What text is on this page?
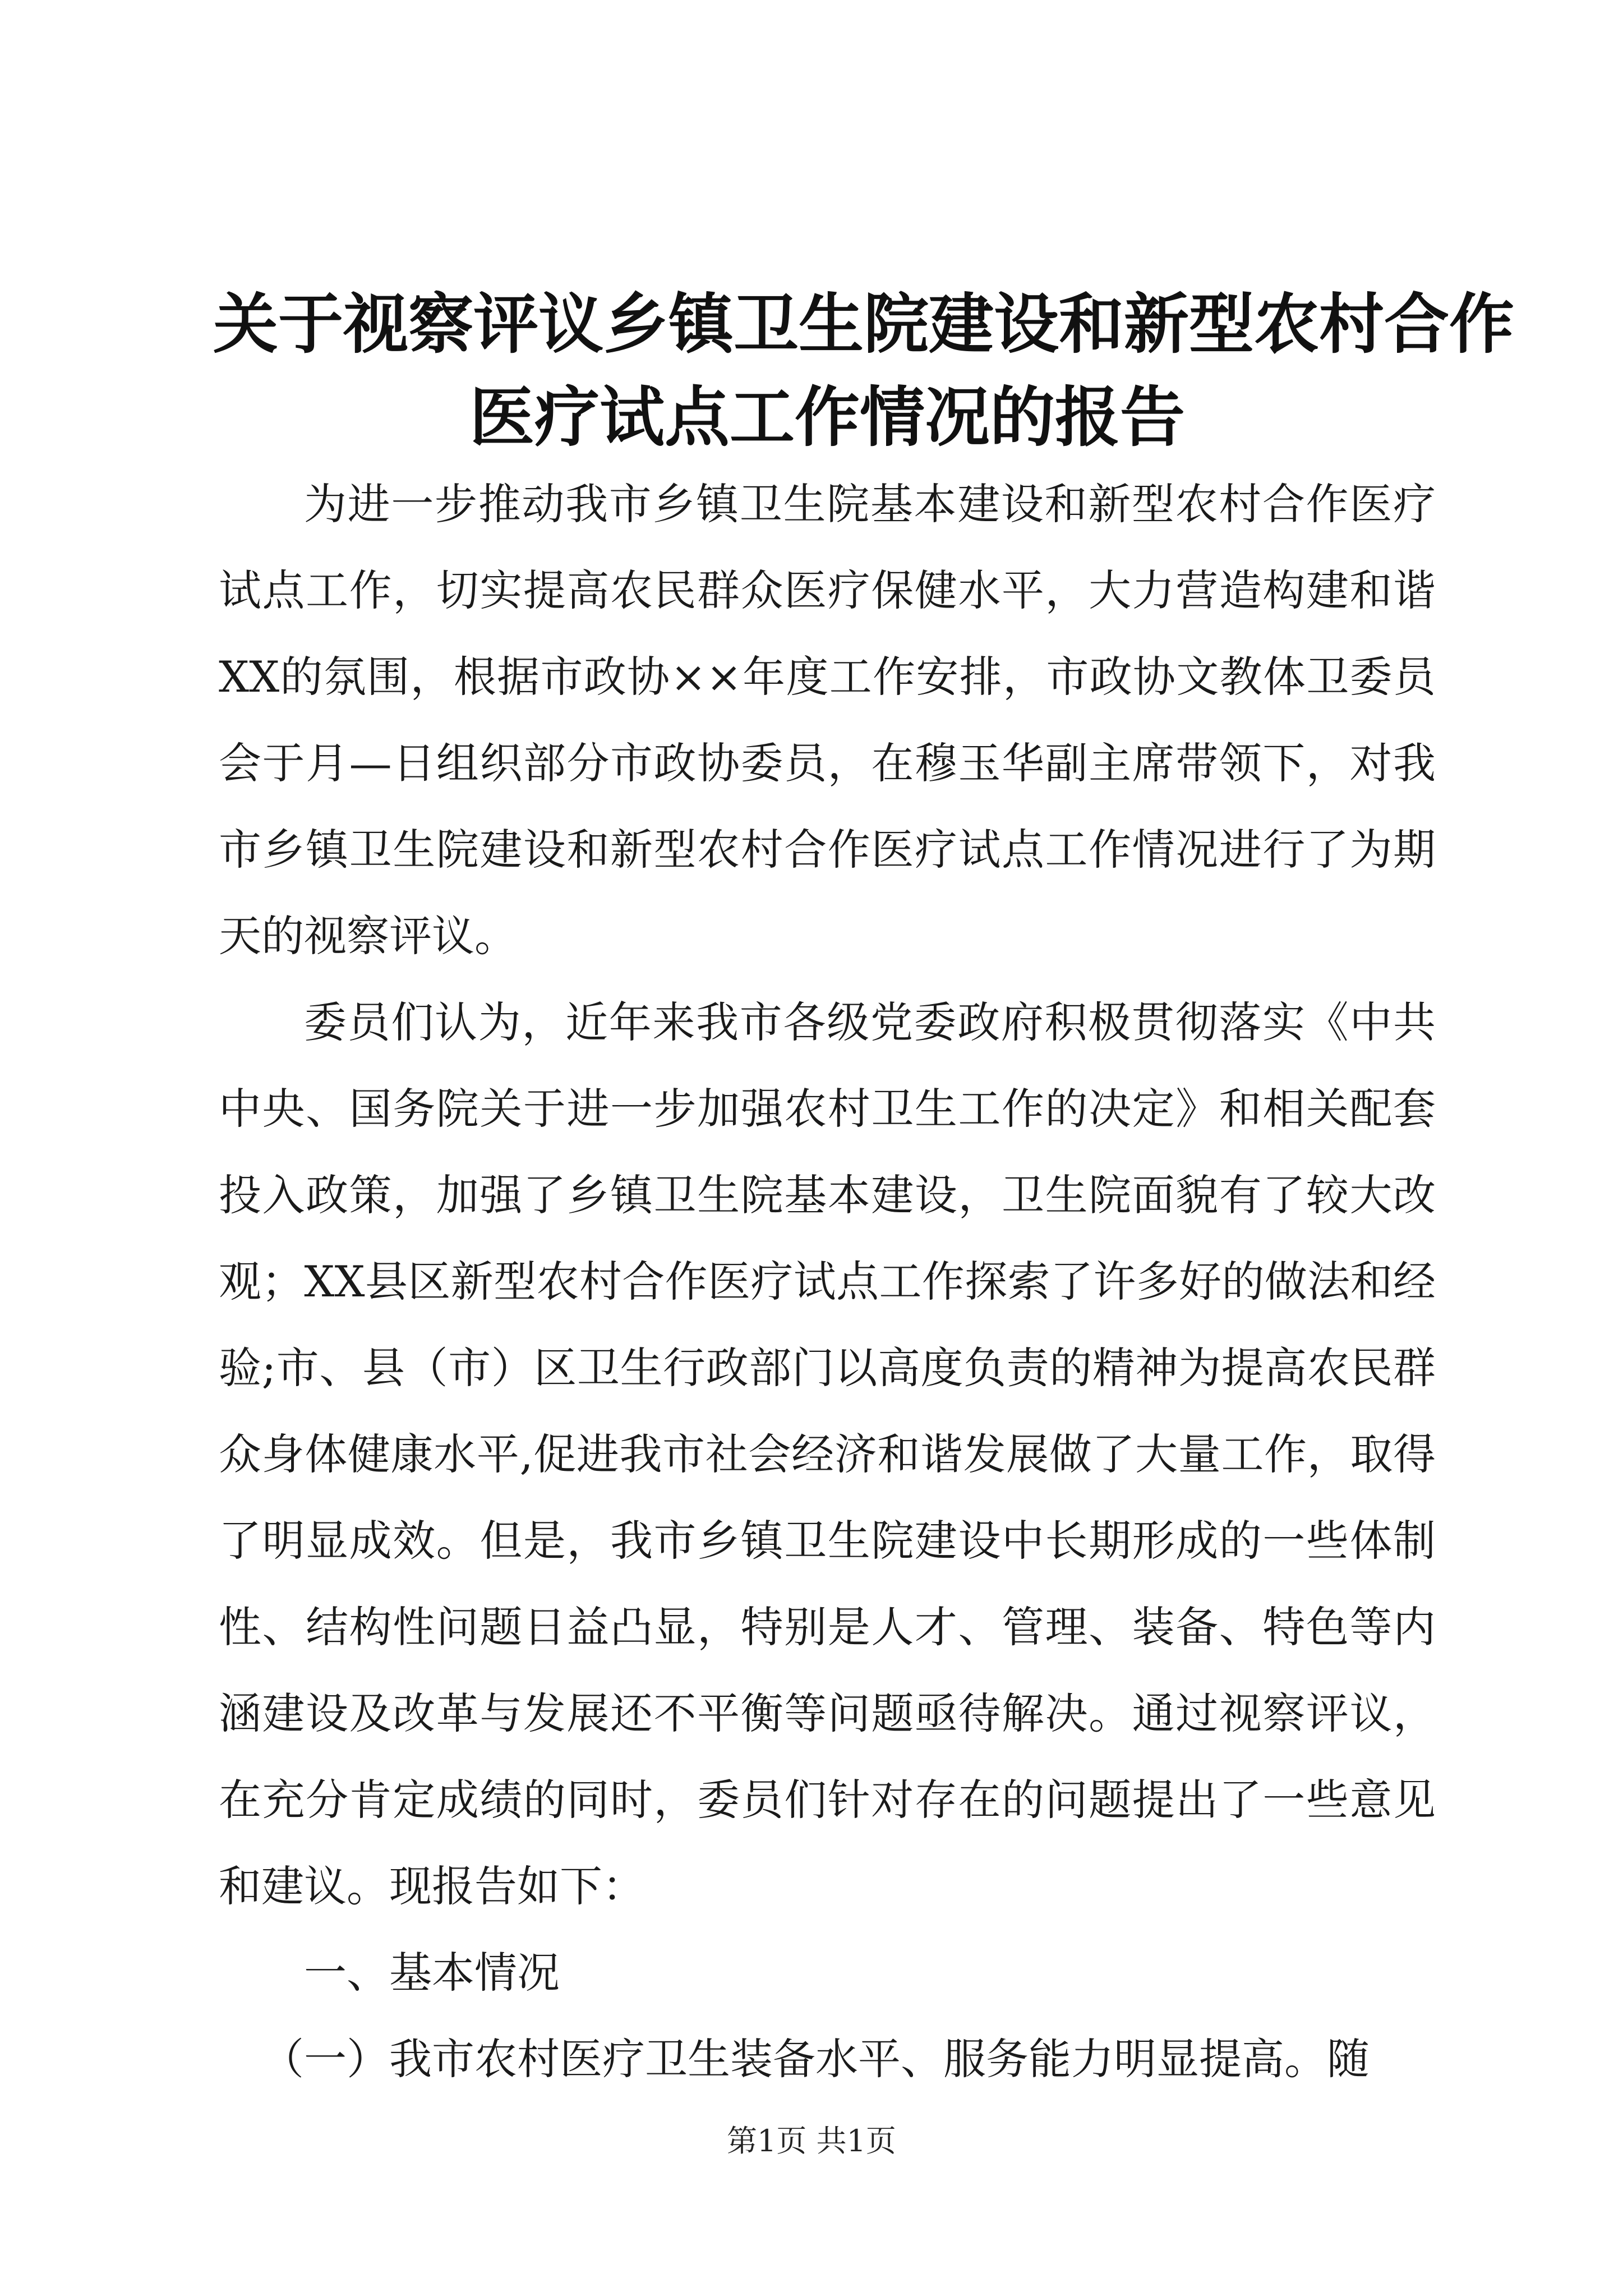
关于视察评议乡镇卫生院建设和新型农村合作
医疗试点工作情况的报告

为进一步推动我市乡镇卫生院基本建设和新型农村合作医疗试点工作，切实提高农民群众医疗保健水平，大力营造构建和谐XX的氛围，根据市政协××年度工作安排，市政协文教体卫委员会于月—日组织部分市政协委员，在穆玉华副主席带领下，对我市乡镇卫生院建设和新型农村合作医疗试点工作情况进行了为期天的视察评议。

委员们认为，近年来我市各级党委政府积极贯彻落实《中共中央、国务院关于进一步加强农村卫生工作的决定》和相关配套投入政策，加强了乡镇卫生院基本建设，卫生院面貌有了较大改观；XX县区新型农村合作医疗试点工作探索了许多好的做法和经验;市、县（市）区卫生行政部门以高度负责的精神为提高农民群众身体健康水平,促进我市社会经济和谐发展做了大量工作，取得了明显成效。但是，我市乡镇卫生院建设中长期形成的一些体制性、结构性问题日益凸显，特别是人才、管理、装备、特色等内涵建设及改革与发展还不平衡等问题亟待解决。通过视察评议，在充分肯定成绩的同时，委员们针对存在的问题提出了一些意见和建议。现报告如下：

一、基本情况

（一）我市农村医疗卫生装备水平、服务能力明显提高。随

第1页 共1页
